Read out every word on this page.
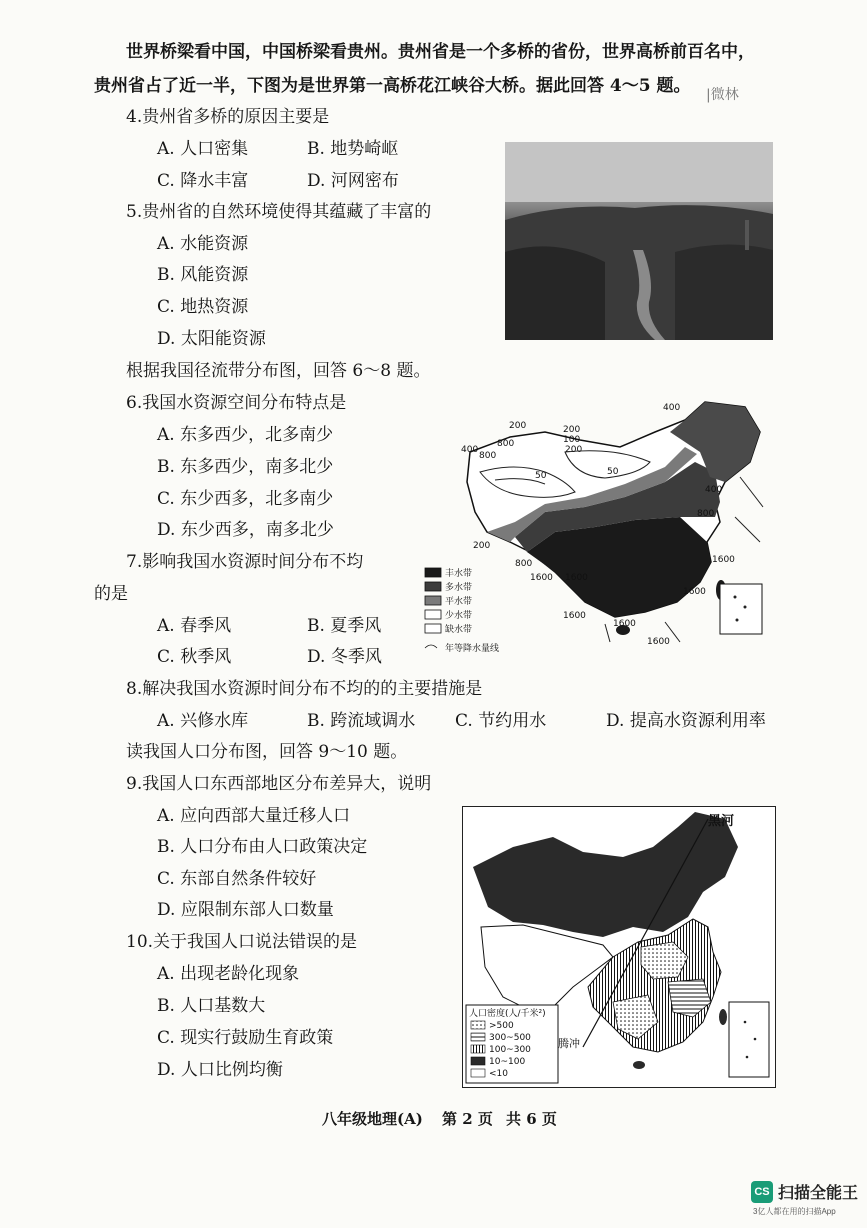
世界桥梁看中国，中国桥梁看贵州。贵州省是一个多桥的省份，世界高桥前百名中，
贵州省占了近一半，下图为是世界第一高桥花江峡谷大桥。据此回答 4～5 题。 |微林
4.贵州省多桥的原因主要是
A. 人口密集	B. 地势崎岖
C. 降水丰富	D. 河网密布
5.贵州省的自然环境使得其蕴藏了丰富的
A. 水能资源
B. 风能资源
C. 地热资源
D. 太阳能资源
根据我国径流带分布图，回答 6～8 题。
6.我国水资源空间分布特点是
A. 东多西少，北多南少
B. 东多西少，南多北少
C. 东少西多，北多南少
D. 东少西多，南多北少
7.影响我国水资源时间分布不均
的是
A. 春季风	B. 夏季风
C. 秋季风	D. 冬季风
400
800
400
200	200
100
800
200
50
50
800
400
200
800	1600
1600 1600
1600
1600
1600
1600
丰水带
多水带
平水带
少水带
缺水带
年等降水量线
8.解决我国水资源时间分布不均的的主要措施是
A. 兴修水库	B. 跨流域调水 C. 节约用水	D. 提高水资源利用率
读我国人口分布图，回答 9～10 题。
9.我国人口东西部地区分布差异大，说明
A. 应向西部大量迁移人口
B. 人口分布由人口政策决定
C. 东部自然条件较好
D. 应限制东部人口数量
10.关于我国人口说法错误的是
A. 出现老龄化现象
B. 人口基数大
C. 现实行鼓励生育政策
D. 人口比例均衡
黑河
腾冲
人口密度(人/千米²)
>500
300~500
100~300
10~100
<10
八年级地理(A) 第 2 页 共 6 页
CS 扫描全能王
3亿人都在用的扫描App
